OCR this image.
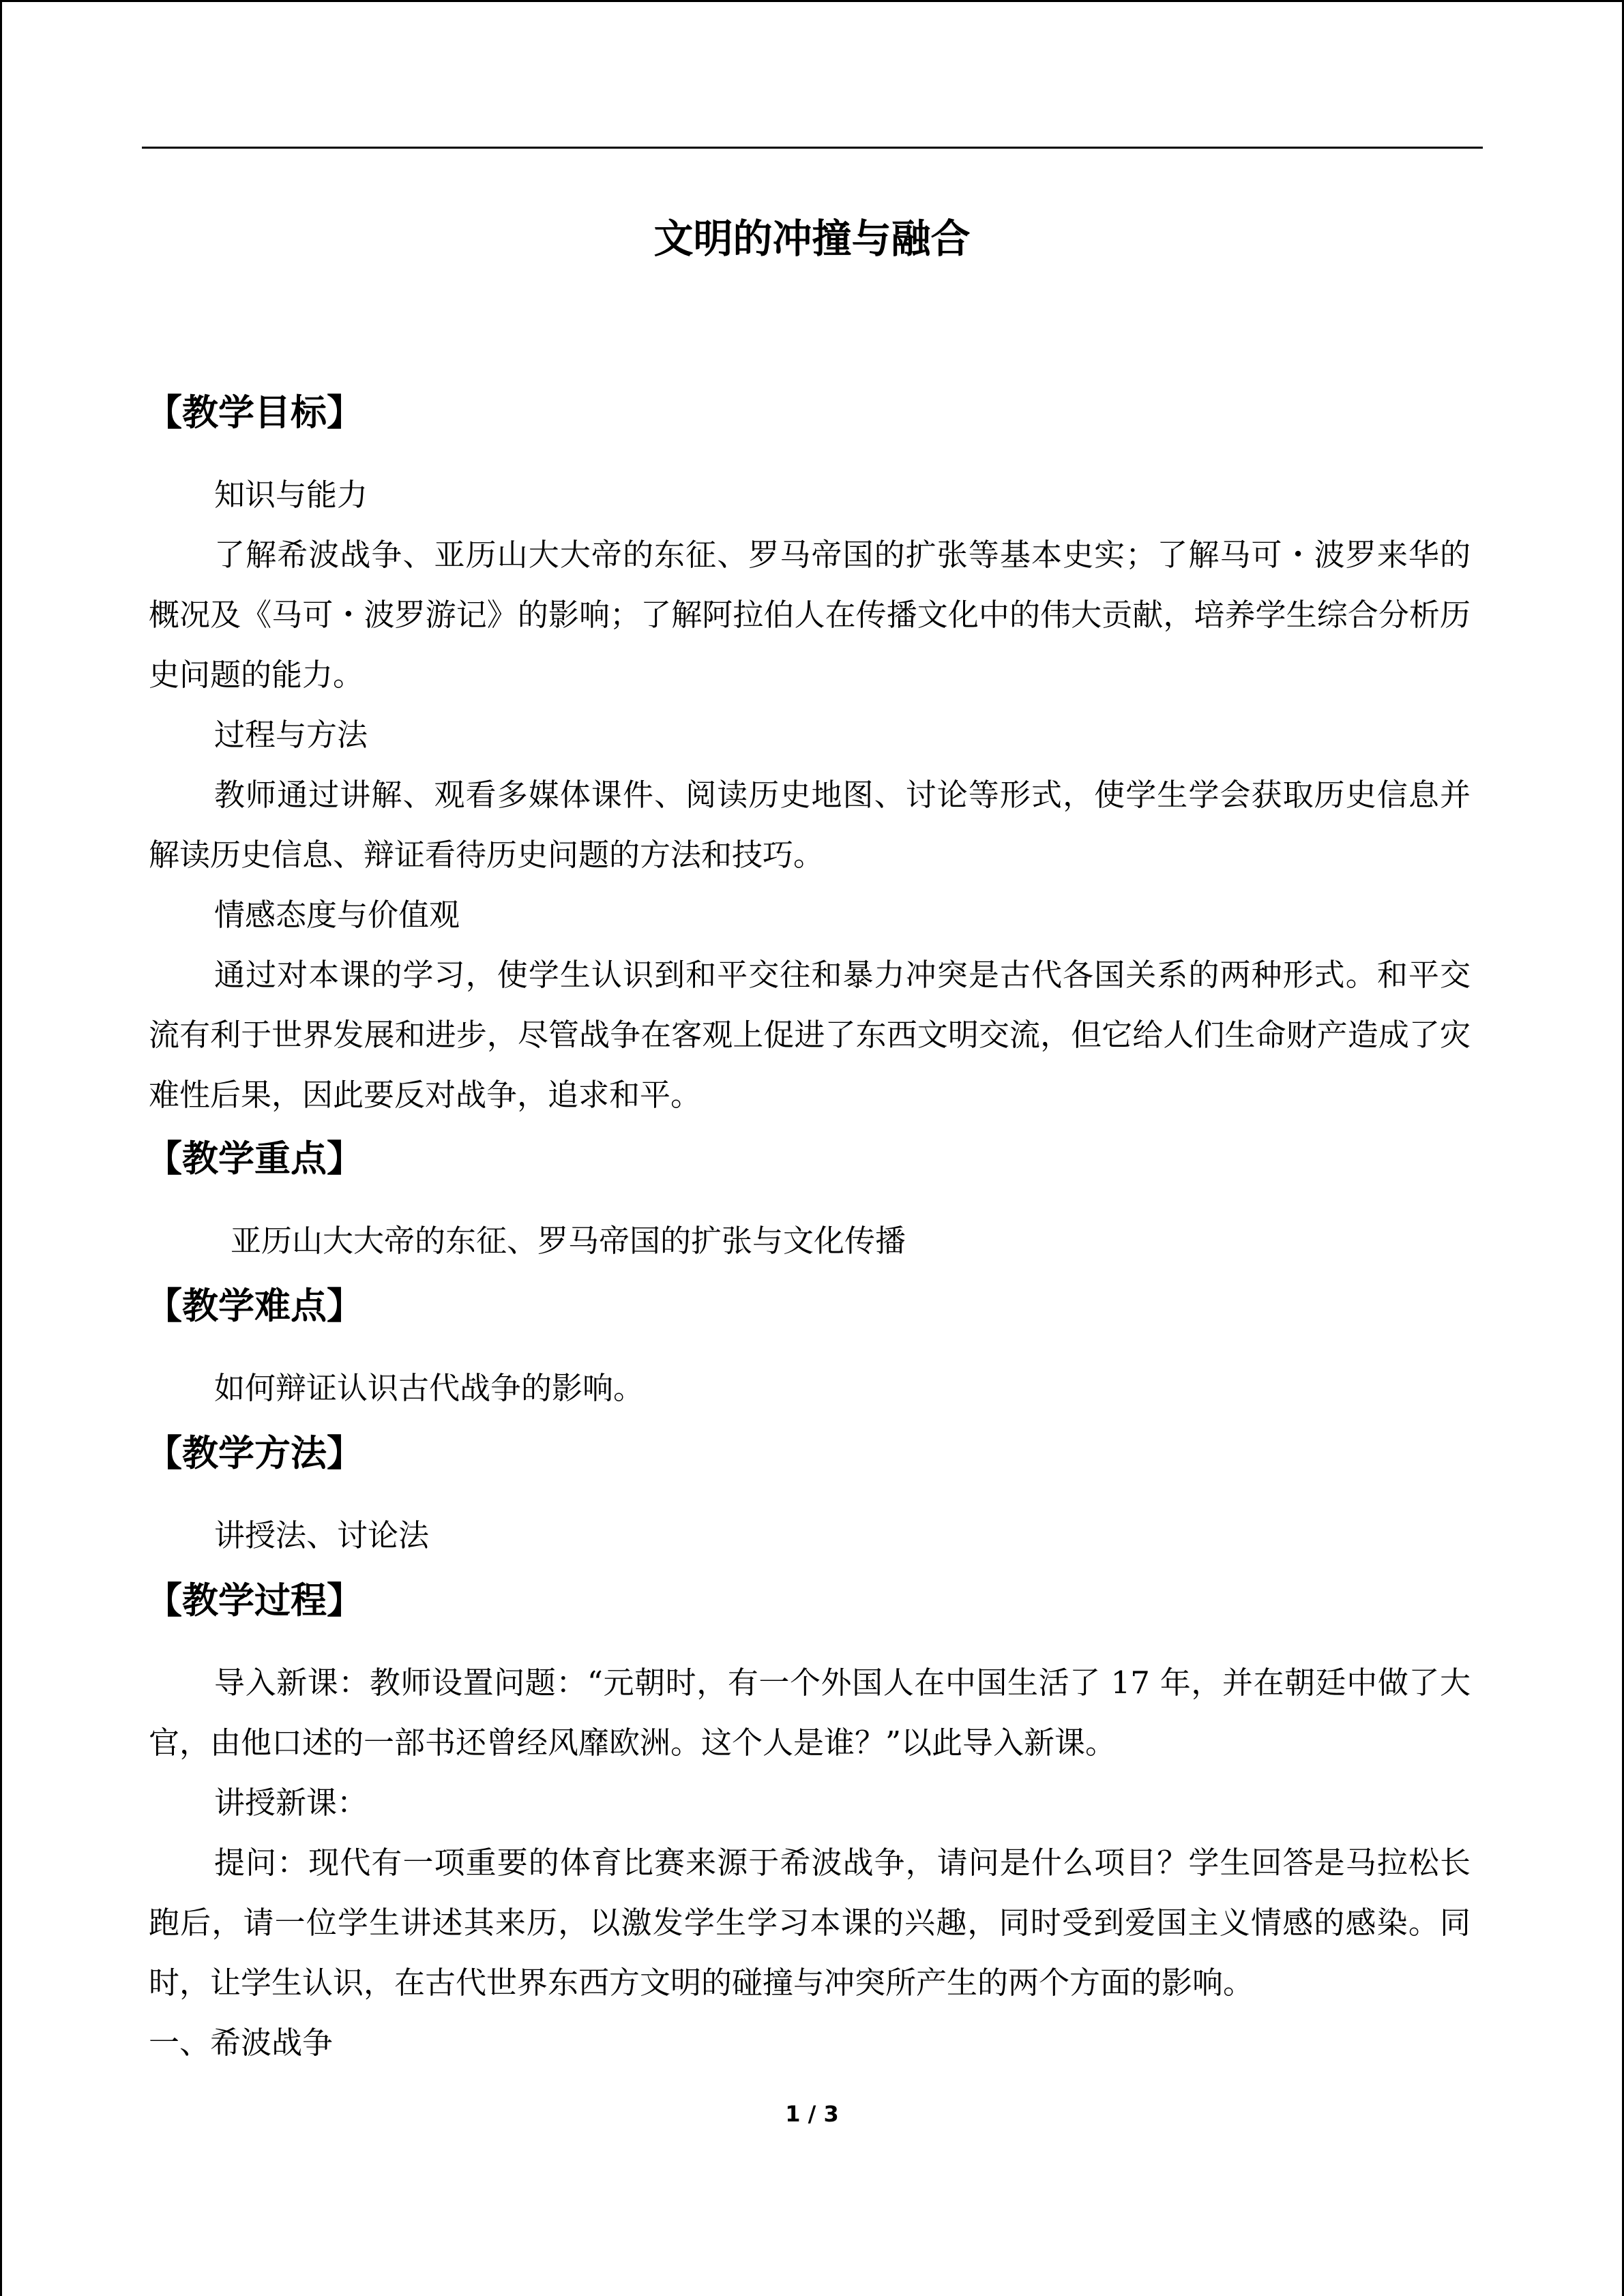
文明的冲撞与融合
【教学目标】
知识与能力
了解希波战争、亚历山大大帝的东征、罗马帝国的扩张等基本史实；了解马可・波罗来华的概况及《马可・波罗游记》的影响；了解阿拉伯人在传播文化中的伟大贡献，培养学生综合分析历史问题的能力。
过程与方法
教师通过讲解、观看多媒体课件、阅读历史地图、讨论等形式，使学生学会获取历史信息并解读历史信息、辩证看待历史问题的方法和技巧。
情感态度与价值观
通过对本课的学习，使学生认识到和平交往和暴力冲突是古代各国关系的两种形式。和平交流有利于世界发展和进步，尽管战争在客观上促进了东西文明交流，但它给人们生命财产造成了灾难性后果，因此要反对战争，追求和平。
【教学重点】
亚历山大大帝的东征、罗马帝国的扩张与文化传播
【教学难点】
如何辩证认识古代战争的影响。
【教学方法】
讲授法、讨论法
【教学过程】
导入新课：教师设置问题：“元朝时，有一个外国人在中国生活了 17 年，并在朝廷中做了大官，由他口述的一部书还曾经风靡欧洲。这个人是谁？”以此导入新课。
讲授新课：
提问：现代有一项重要的体育比赛来源于希波战争，请问是什么项目？学生回答是马拉松长跑后，请一位学生讲述其来历，以激发学生学习本课的兴趣，同时受到爱国主义情感的感染。同时，让学生认识，在古代世界东西方文明的碰撞与冲突所产生的两个方面的影响。
一、希波战争
1 / 3
